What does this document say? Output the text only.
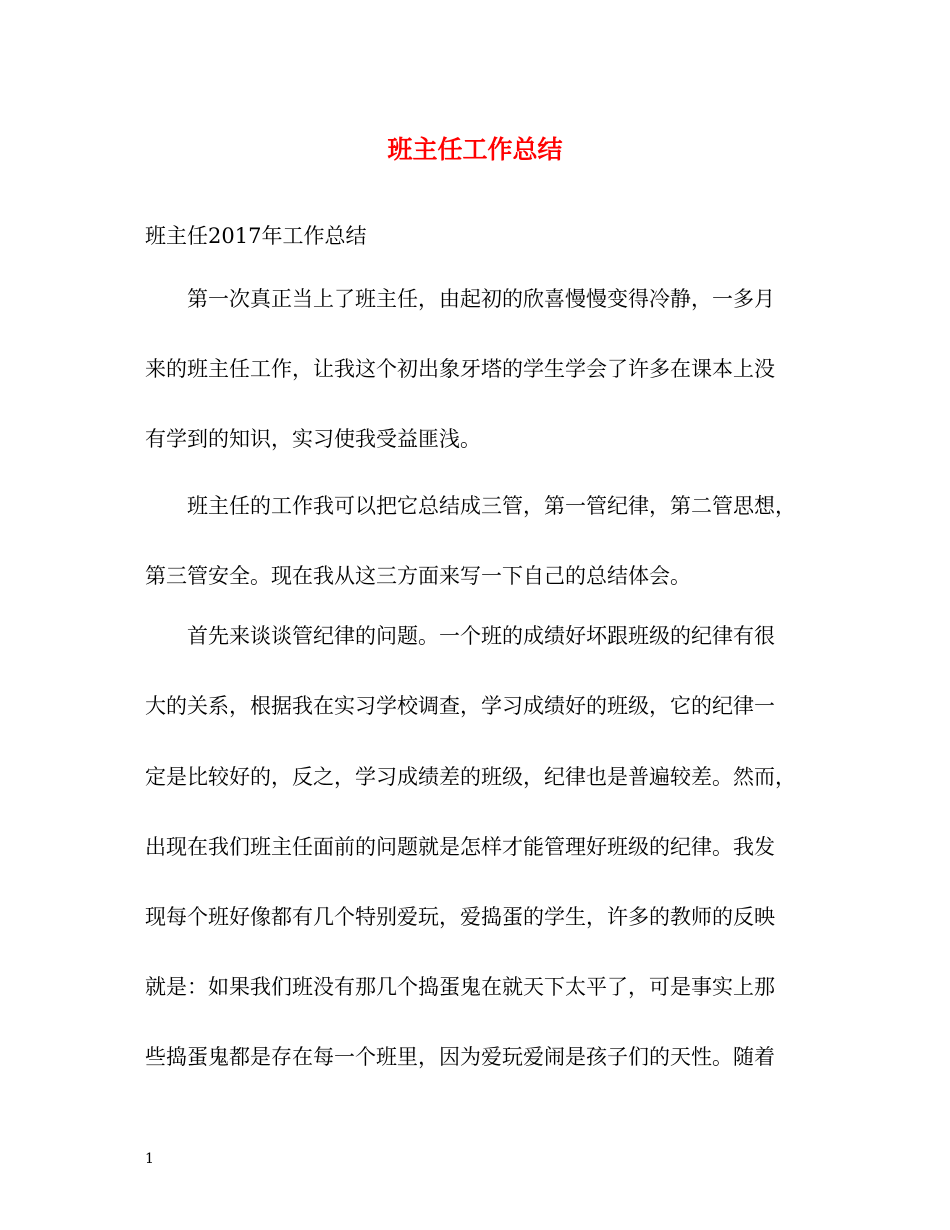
班主任工作总结

班主任2017年工作总结

第一次真正当上了班主任，由起初的欣喜慢慢变得冷静，一多月

来的班主任工作，让我这个初出象牙塔的学生学会了许多在课本上没

有学到的知识，实习使我受益匪浅。

班主任的工作我可以把它总结成三管，第一管纪律，第二管思想，

第三管安全。现在我从这三方面来写一下自己的总结体会。

首先来谈谈管纪律的问题。一个班的成绩好坏跟班级的纪律有很

大的关系，根据我在实习学校调查，学习成绩好的班级，它的纪律一

定是比较好的，反之，学习成绩差的班级，纪律也是普遍较差。然而，

出现在我们班主任面前的问题就是怎样才能管理好班级的纪律。我发

现每个班好像都有几个特别爱玩，爱捣蛋的学生，许多的教师的反映

就是：如果我们班没有那几个捣蛋鬼在就天下太平了，可是事实上那

些捣蛋鬼都是存在每一个班里，因为爱玩爱闹是孩子们的天性。随着

1
